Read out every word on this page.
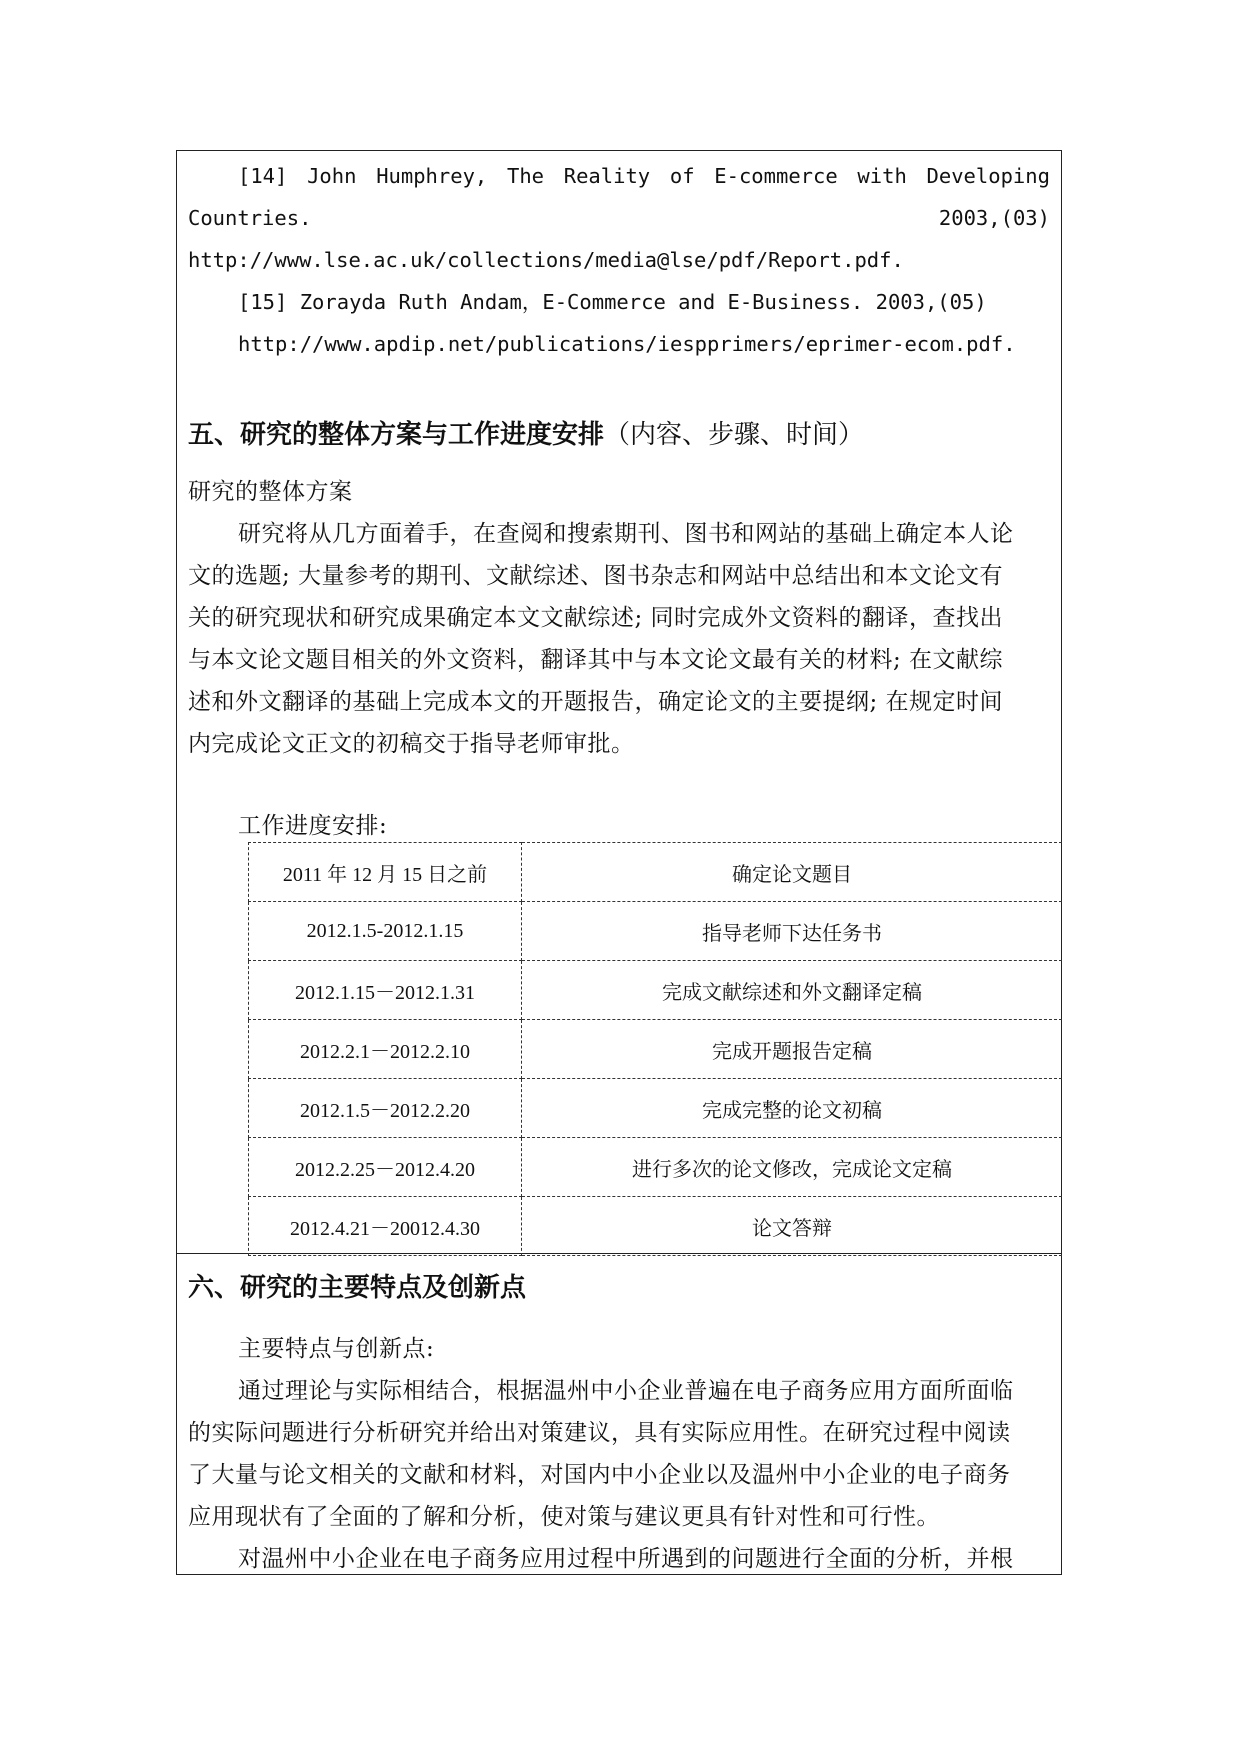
[14] John Humphrey, The Reality of E-commerce with Developing
Countries.	2003,(03)
http://www.lse.ac.uk/collections/media@lse/pdf/Report.pdf.
[15] Zorayda Ruth Andam，E-Commerce and E-Business. 2003,(05)
http://www.apdip.net/publications/iespprimers/eprimer-ecom.pdf.
五、研究的整体方案与工作进度安排（内容、步骤、时间）
研究的整体方案
研究将从几方面着手，在查阅和搜索期刊、图书和网站的基础上确定本人论
文的选题; 大量参考的期刊、文献综述、图书杂志和网站中总结出和本文论文有
关的研究现状和研究成果确定本文文献综述; 同时完成外文资料的翻译，查找出
与本文论文题目相关的外文资料，翻译其中与本文论文最有关的材料; 在文献综
述和外文翻译的基础上完成本文的开题报告，确定论文的主要提纲; 在规定时间
内完成论文正文的初稿交于指导老师审批。
工作进度安排:
2011 年 12 月 15 日之前	确定论文题目
2012.1.5-2012.1.15	指导老师下达任务书
2012.1.15－2012.1.31	完成文献综述和外文翻译定稿
2012.2.1－2012.2.10	完成开题报告定稿
2012.1.5－2012.2.20	完成完整的论文初稿
2012.2.25－2012.4.20	进行多次的论文修改，完成论文定稿
2012.4.21－20012.4.30	论文答辩
六、研究的主要特点及创新点
主要特点与创新点:
通过理论与实际相结合，根据温州中小企业普遍在电子商务应用方面所面临
的实际问题进行分析研究并给出对策建议，具有实际应用性。在研究过程中阅读
了大量与论文相关的文献和材料，对国内中小企业以及温州中小企业的电子商务
应用现状有了全面的了解和分析，使对策与建议更具有针对性和可行性。
对温州中小企业在电子商务应用过程中所遇到的问题进行全面的分析，并根
